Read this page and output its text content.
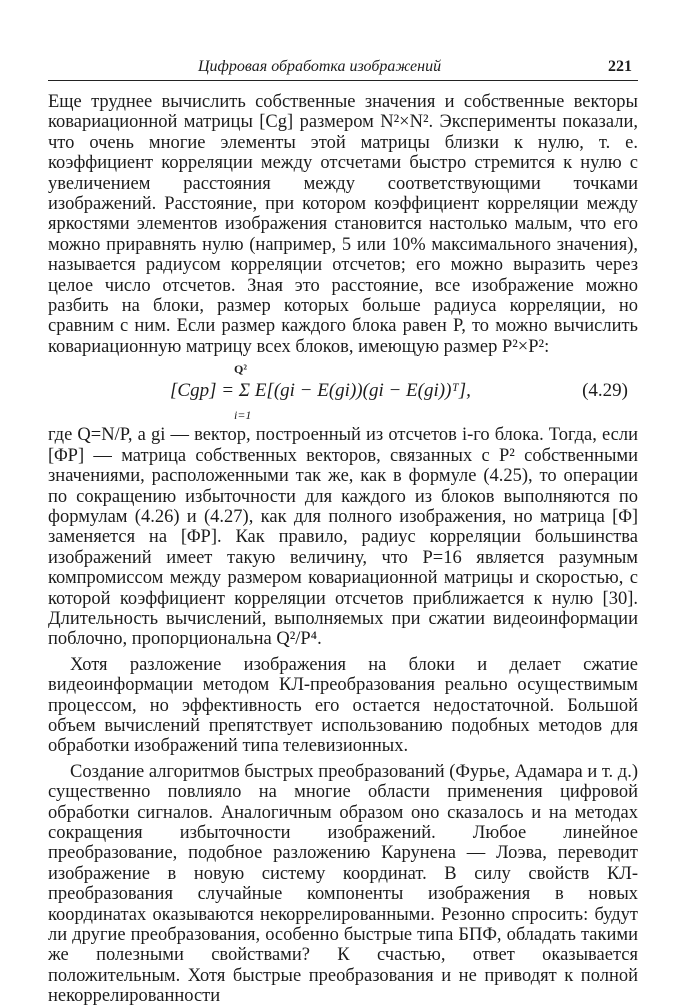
Цифровая обработка изображений	221

Еще труднее вычислить собственные значения и собственные векторы ковариационной матрицы [Cg] размером N²×N². Эксперименты показали, что очень многие элементы этой матрицы близки к нулю, т. е. коэффициент корреляции между отсчетами быстро стремится к нулю с увеличением расстояния между соответствующими точками изображений. Расстояние, при котором коэффициент корреляции между яркостями элементов изображения становится настолько малым, что его можно приравнять нулю (например, 5 или 10% максимального значения), называется радиусом корреляции отсчетов; его можно выразить через целое число отсчетов. Зная это расстояние, все изображение можно разбить на блоки, размер которых больше радиуса корреляции, но сравним с ним. Если размер каждого блока равен P, то можно вычислить ковариационную матрицу всех блоков, имеющую размер P²×P²:

Q²
[Cgp] = Σ E[(gi − E(gi))(gi − E(gi))ᵀ],
i=1
(4.29)

где Q=N/P, а gi — вектор, построенный из отсчетов i-го блока. Тогда, если [ΦP] — матрица собственных векторов, связанных с P² собственными значениями, расположенными так же, как в формуле (4.25), то операции по сокращению избыточности для каждого из блоков выполняются по формулам (4.26) и (4.27), как для полного изображения, но матрица [Φ] заменяется на [ΦP]. Как правило, радиус корреляции большинства изображений имеет такую величину, что P=16 является разумным компромиссом между размером ковариационной матрицы и скоростью, с которой коэффициент корреляции отсчетов приближается к нулю [30]. Длительность вычислений, выполняемых при сжатии видеоинформации поблочно, пропорциональна Q²/P⁴.

Хотя разложение изображения на блоки и делает сжатие видеоинформации методом КЛ-преобразования реально осуществимым процессом, но эффективность его остается недостаточной. Большой объем вычислений препятствует использованию подобных методов для обработки изображений типа телевизионных.

Создание алгоритмов быстрых преобразований (Фурье, Адамара и т. д.) существенно повлияло на многие области применения цифровой обработки сигналов. Аналогичным образом оно сказалось и на методах сокращения избыточности изображений. Любое линейное преобразование, подобное разложению Карунена — Лоэва, переводит изображение в новую систему координат. В силу свойств КЛ-преобразования случайные компоненты изображения в новых координатах оказываются некоррелированными. Резонно спросить: будут ли другие преобразования, особенно быстрые типа БПФ, обладать такими же полезными свойствами? К счастью, ответ оказывается положительным. Хотя быстрые преобразования и не приводят к полной некоррелированности
